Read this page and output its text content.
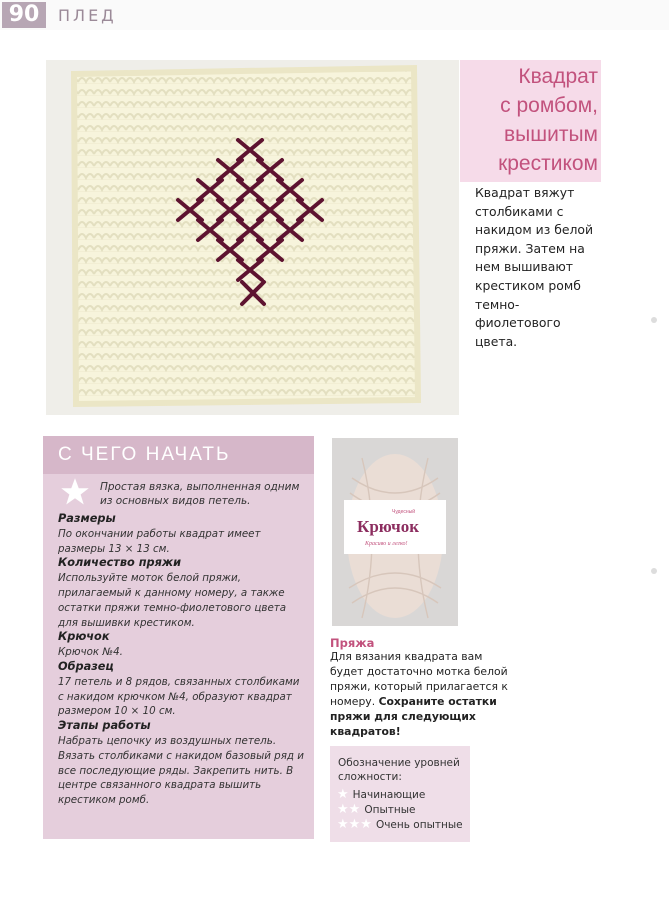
90	ПЛЕД
Квадрат
с ромбом,
вышитым
крестиком
Квадрат вяжут столбиками с накидом из белой пряжи. Затем на нем вышивают крестиком ромб темно-фиолетового цвета.
С ЧЕГО НАЧАТЬ
Простая вязка, выполненная одним из основных видов петель.
Размеры
По окончании работы квадрат имеет размеры 13 × 13 см.
Количество пряжи
Используйте моток белой пряжи, прилагаемый к данному номеру, а также остатки пряжи темно-фиолетового цвета для вышивки крестиком.
Крючок
Крючок №4.
Образец
17 петель и 8 рядов, связанных столбиками с накидом крючком №4, образуют квадрат размером 10 × 10 см.
Этапы работы
Набрать цепочку из воздушных петель. Вязать столбиками с накидом базовый ряд и все последующие ряды. Закрепить нить. В центре связанного квадрата вышить крестиком ромб.
Чудесный
Крючок
Красиво и легко!
Пряжа
Для вязания квадрата вам будет достаточно мотка белой пряжи, который прилагается к номеру. Сохраните остатки пряжи для следующих квадратов!
Обозначение уровней сложности:
★ Начинающие
★★ Опытные
★★★ Очень опытные
